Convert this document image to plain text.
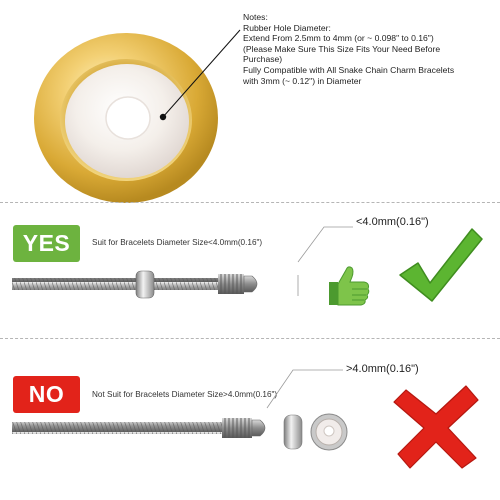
Notes:
Rubber Hole Diameter:
Extend From 2.5mm to 4mm (or ~ 0.098" to 0.16")
(Please Make Sure This Size Fits Your Need Before
Purchase)
Fully Compatible with All Snake Chain Charm Bracelets
with 3mm (~ 0.12") in Diameter
YES	Suit for Bracelets Diameter Size<4.0mm(0.16")
<4.0mm(0.16")
NO	Not Suit for Bracelets Diameter Size>4.0mm(0.16")
>4.0mm(0.16")
